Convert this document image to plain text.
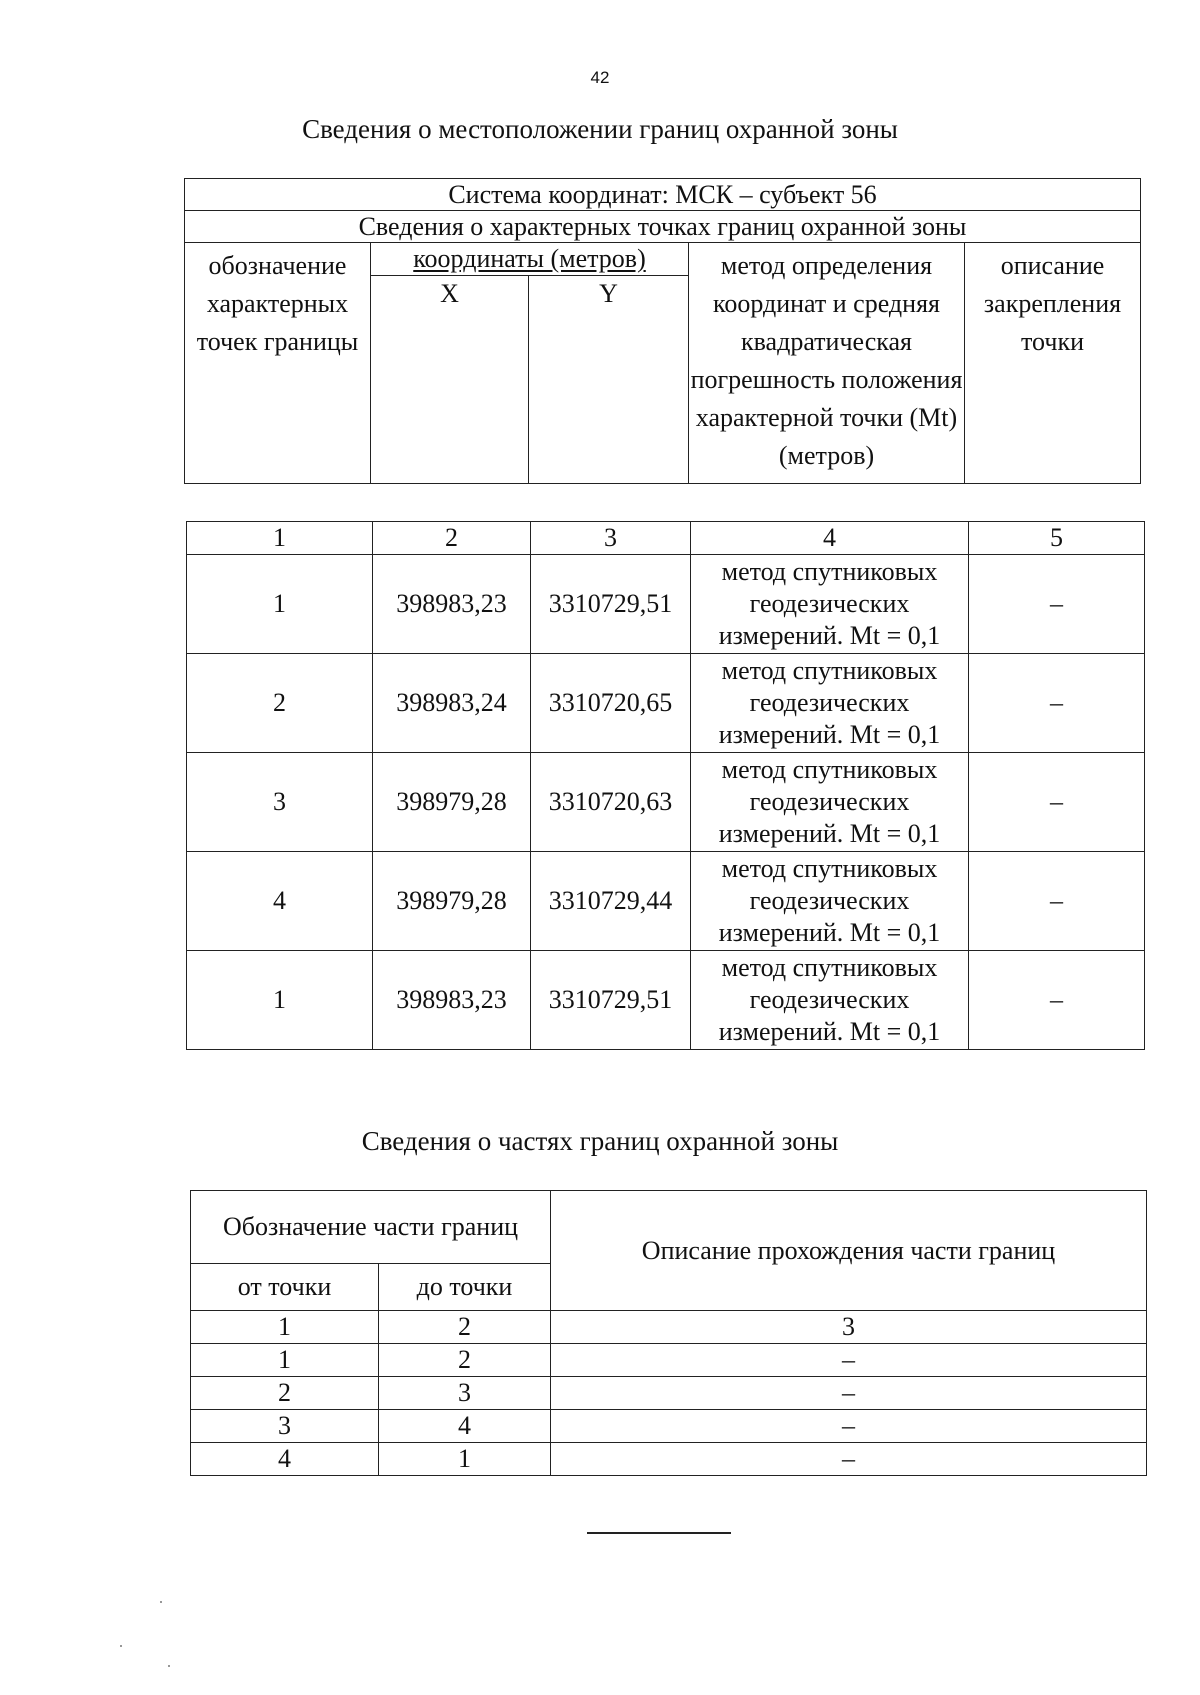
42
Сведения о местоположении границ охранной зоны
Система координат: МСК – субъект 56				
Сведения о характерных точках границ охранной зоны				
обозначение характерных точек границы	координаты (метров)		метод определения координат и средняя квадратическая погрешность положения характерной точки (Mt) (метров)	описание закрепления точки
	X	Y		
1	2	3	4	5
1	398983,23	3310729,51	метод спутниковых геодезических измерений. Mt = 0,1	–
2	398983,24	3310720,65	метод спутниковых геодезических измерений. Mt = 0,1	–
3	398979,28	3310720,63	метод спутниковых геодезических измерений. Mt = 0,1	–
4	398979,28	3310729,44	метод спутниковых геодезических измерений. Mt = 0,1	–
1	398983,23	3310729,51	метод спутниковых геодезических измерений. Mt = 0,1	–
Сведения о частях границ охранной зоны
Обозначение части границ		Описание прохождения части границ
от точки	до точки	
1	2	3
1	2	–
2	3	–
3	4	–
4	1	–
